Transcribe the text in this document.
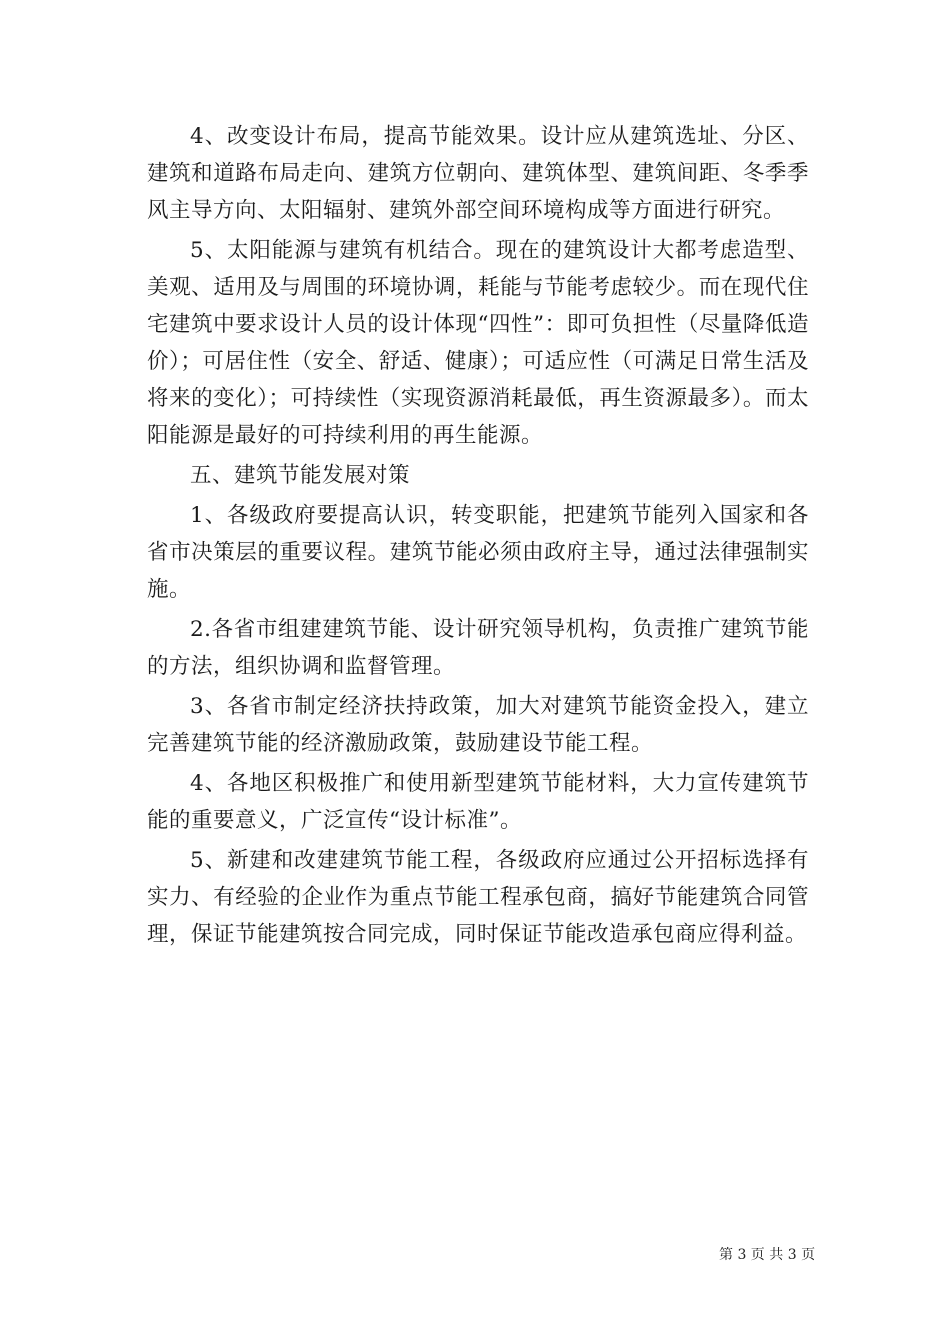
4、改变设计布局，提高节能效果。设计应从建筑选址、分区、建筑和道路布局走向、建筑方位朝向、建筑体型、建筑间距、冬季季风主导方向、太阳辐射、建筑外部空间环境构成等方面进行研究。

5、太阳能源与建筑有机结合。现在的建筑设计大都考虑造型、美观、适用及与周围的环境协调，耗能与节能考虑较少。而在现代住宅建筑中要求设计人员的设计体现“四性”：即可负担性（尽量降低造价）；可居住性（安全、舒适、健康）；可适应性（可满足日常生活及将来的变化）；可持续性（实现资源消耗最低，再生资源最多）。而太阳能源是最好的可持续利用的再生能源。

五、建筑节能发展对策

1、各级政府要提高认识，转变职能，把建筑节能列入国家和各省市决策层的重要议程。建筑节能必须由政府主导，通过法律强制实施。

2.各省市组建建筑节能、设计研究领导机构，负责推广建筑节能的方法，组织协调和监督管理。

3、各省市制定经济扶持政策，加大对建筑节能资金投入，建立完善建筑节能的经济激励政策，鼓励建设节能工程。

4、各地区积极推广和使用新型建筑节能材料，大力宣传建筑节能的重要意义，广泛宣传“设计标准”。

5、新建和改建建筑节能工程，各级政府应通过公开招标选择有实力、有经验的企业作为重点节能工程承包商，搞好节能建筑合同管理，保证节能建筑按合同完成，同时保证节能改造承包商应得利益。

第 3 页 共 3 页
